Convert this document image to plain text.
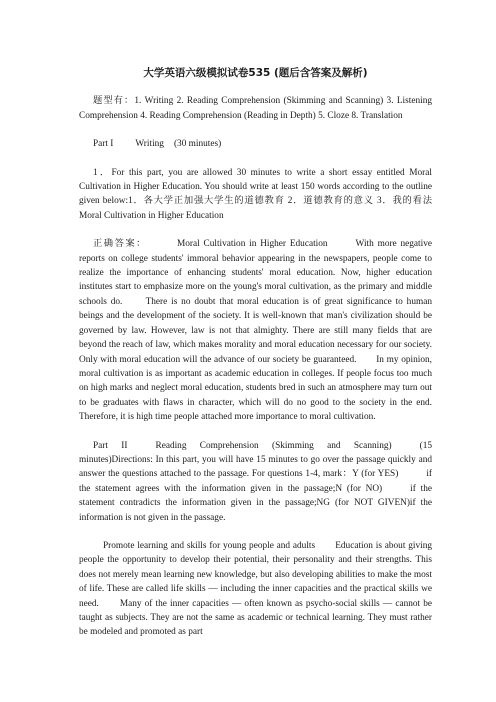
大学英语六级模拟试卷535 (题后含答案及解析)

题型有：1. Writing 2. Reading Comprehension (Skimming and Scanning) 3. Listening Comprehension 4. Reading Comprehension (Reading in Depth) 5. Cloze 8. Translation

Part I Writing (30 minutes)

1．For this part, you are allowed 30 minutes to write a short essay entitled Moral Cultivation in Higher Education. You should write at least 150 words according to the outline given below:1．各大学正加强大学生的道德教育 2．道德教育的意义 3．我的看法　　　　Moral Cultivation in Higher Education

正确答案：	Moral Cultivation in Higher Education	With more negative reports on college students' immoral behavior appearing in the newspapers, people come to realize the importance of enhancing students' moral education. Now, higher education institutes start to emphasize more on the young's moral cultivation, as the primary and middle schools do.　　There is no doubt that moral education is of great significance to human beings and the development of the society. It is well-known that man's civilization should be governed by law. However, law is not that almighty. There are still many fields that are beyond the reach of law, which makes morality and moral education necessary for our society. Only with moral education will the advance of our society be guaranteed.　　In my opinion, moral cultivation is as important as academic education in colleges. If people focus too much on high marks and neglect moral education, students bred in such an atmosphere may turn out to be graduates with flaws in character, which will do no good to the society in the end. Therefore, it is high time people attached more importance to moral cultivation.

Part II	Reading Comprehension (Skimming and Scanning)	(15 minutes)Directions: In this part, you will have 15 minutes to go over the passage quickly and answer the questions attached to the passage. For questions 1-4, mark：Y (for YES)	if the statement agrees with the information given in the passage;N (for NO)	if the statement contradicts the information given in the passage;NG (for NOT GIVEN)if the information is not given in the passage.

Promote learning and skills for young people and adults　　Education is about giving people the opportunity to develop their potential, their personality and their strengths. This does not merely mean learning new knowledge, but also developing abilities to make the most of life. These are called life skills — including the inner capacities and the practical skills we need.　　Many of the inner capacities — often known as psycho-social skills — cannot be taught as subjects. They are not the same as academic or technical learning. They must rather be modeled and promoted as part
